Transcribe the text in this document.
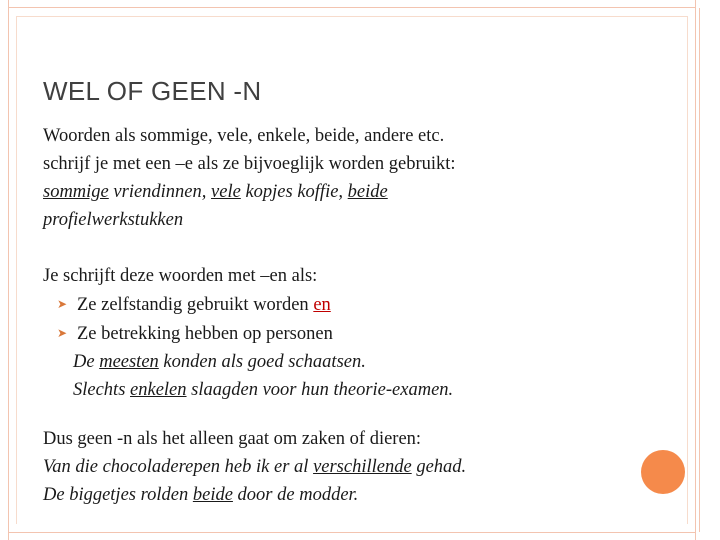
WEL OF GEEN -N
Woorden als sommige, vele, enkele, beide, andere etc.
schrijf je met een –e als ze bijvoeglijk worden gebruikt:
sommige vriendinnen, vele kopjes koffie, beide
profielwerkstukken
Je schrijft deze woorden met –en als:
➤ Ze zelfstandig gebruikt worden en
➤ Ze betrekking hebben op personen
De meesten konden als goed schaatsen.
Slechts enkelen slaagden voor hun theorie-examen.
Dus geen -n als het alleen gaat om zaken of dieren:
Van die chocoladerepen heb ik er al verschillende gehad.
De biggetjes rolden beide door de modder.
